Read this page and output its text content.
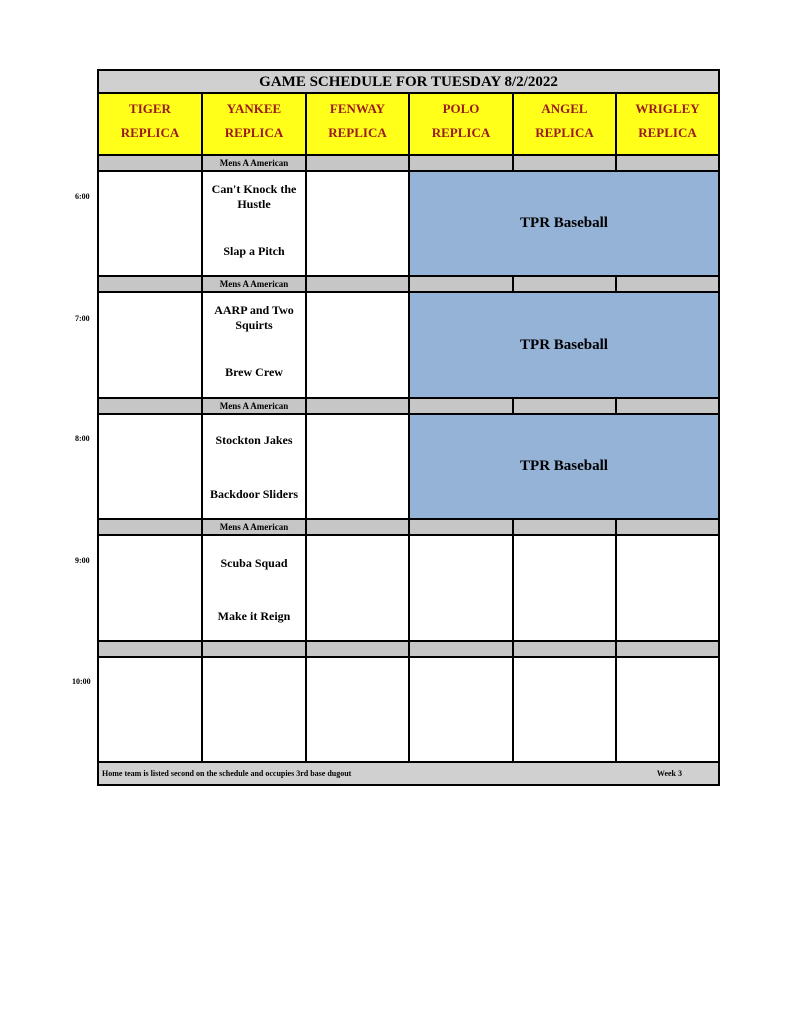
6:00
7:00
8:00
9:00
10:00
GAME SCHEDULE FOR TUESDAY 8/2/2022
TIGER
REPLICA
YANKEE
REPLICA
FENWAY
REPLICA
POLO
REPLICA
ANGEL
REPLICA
WRIGLEY
REPLICA
Mens A American
Can't Knock the Hustle
Slap a Pitch
TPR Baseball
Mens A American
AARP and Two Squirts
Brew Crew
TPR Baseball
Mens A American
Stockton Jakes
Backdoor Sliders
TPR Baseball
Mens A American
Scuba Squad
Make it Reign
Home team is listed second on the schedule and occupies 3rd base dugout	Week 3
